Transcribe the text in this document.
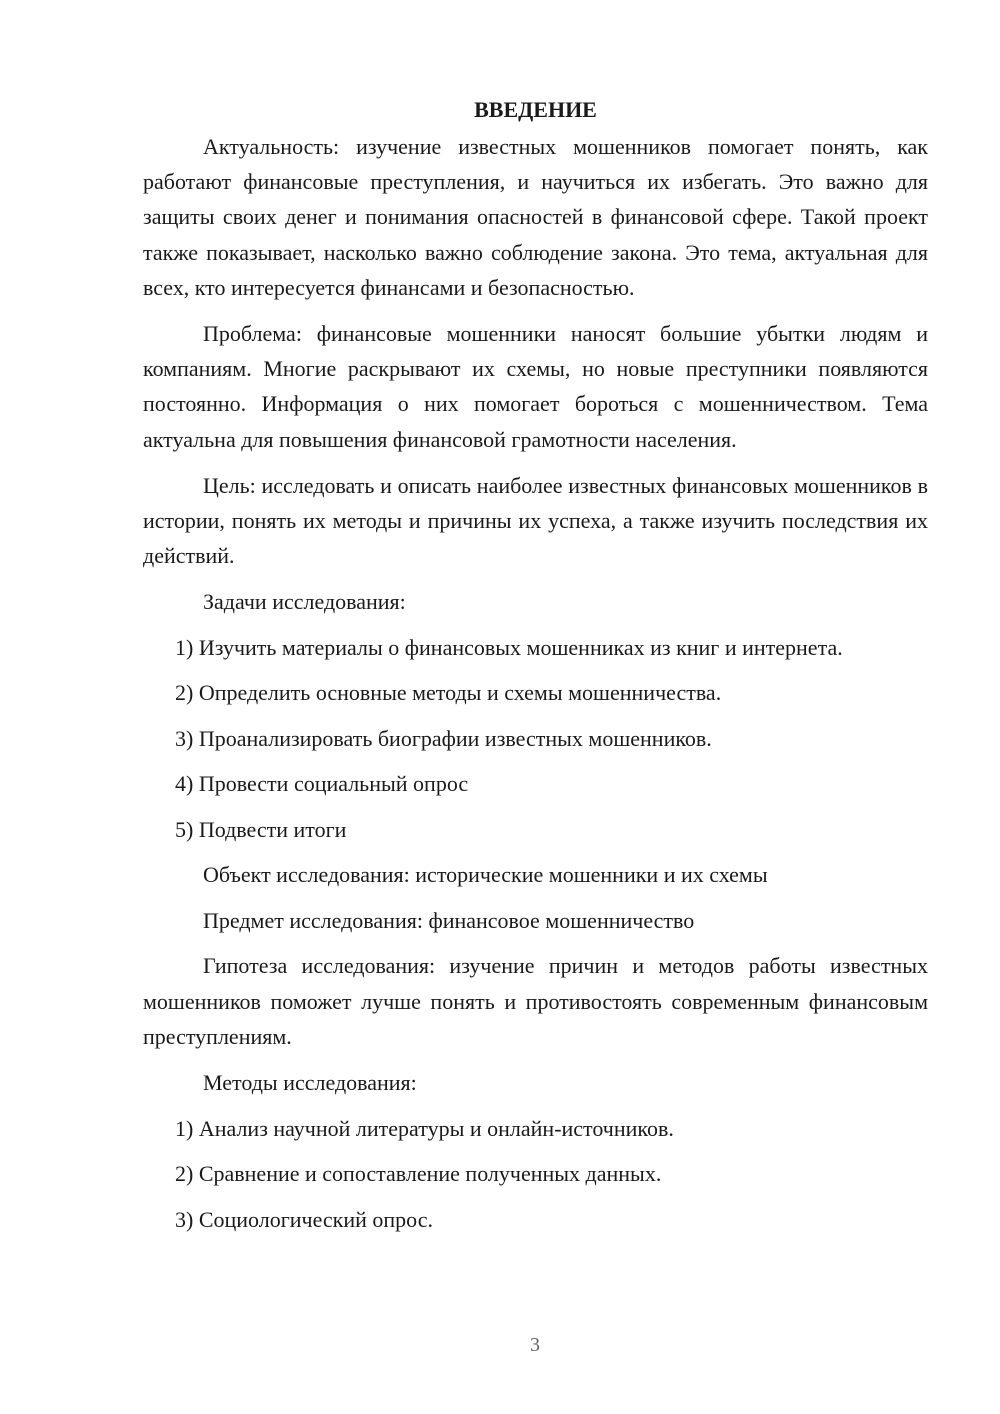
ВВЕДЕНИЕ

Актуальность: изучение известных мошенников помогает понять, как работают финансовые преступления, и научиться их избегать. Это важно для защиты своих денег и понимания опасностей в финансовой сфере. Такой проект также показывает, насколько важно соблюдение закона. Это тема, актуальная для всех, кто интересуется финансами и безопасностью.

Проблема: финансовые мошенники наносят большие убытки людям и компаниям. Многие раскрывают их схемы, но новые преступники появляются постоянно. Информация о них помогает бороться с мошенничеством. Тема актуальна для повышения финансовой грамотности населения.

Цель: исследовать и описать наиболее известных финансовых мошенников в истории, понять их методы и причины их успеха, а также изучить последствия их действий.

Задачи исследования:
1) Изучить материалы о финансовых мошенниках из книг и интернета.
2) Определить основные методы и схемы мошенничества.
3) Проанализировать биографии известных мошенников.
4) Провести социальный опрос
5) Подвести итоги
Объект исследования: исторические мошенники и их схемы
Предмет исследования: финансовое мошенничество

Гипотеза исследования: изучение причин и методов работы известных мошенников поможет лучше понять и противостоять современным финансовым преступлениям.

Методы исследования:
1) Анализ научной литературы и онлайн-источников.
2) Сравнение и сопоставление полученных данных.
3) Социологический опрос.
3
